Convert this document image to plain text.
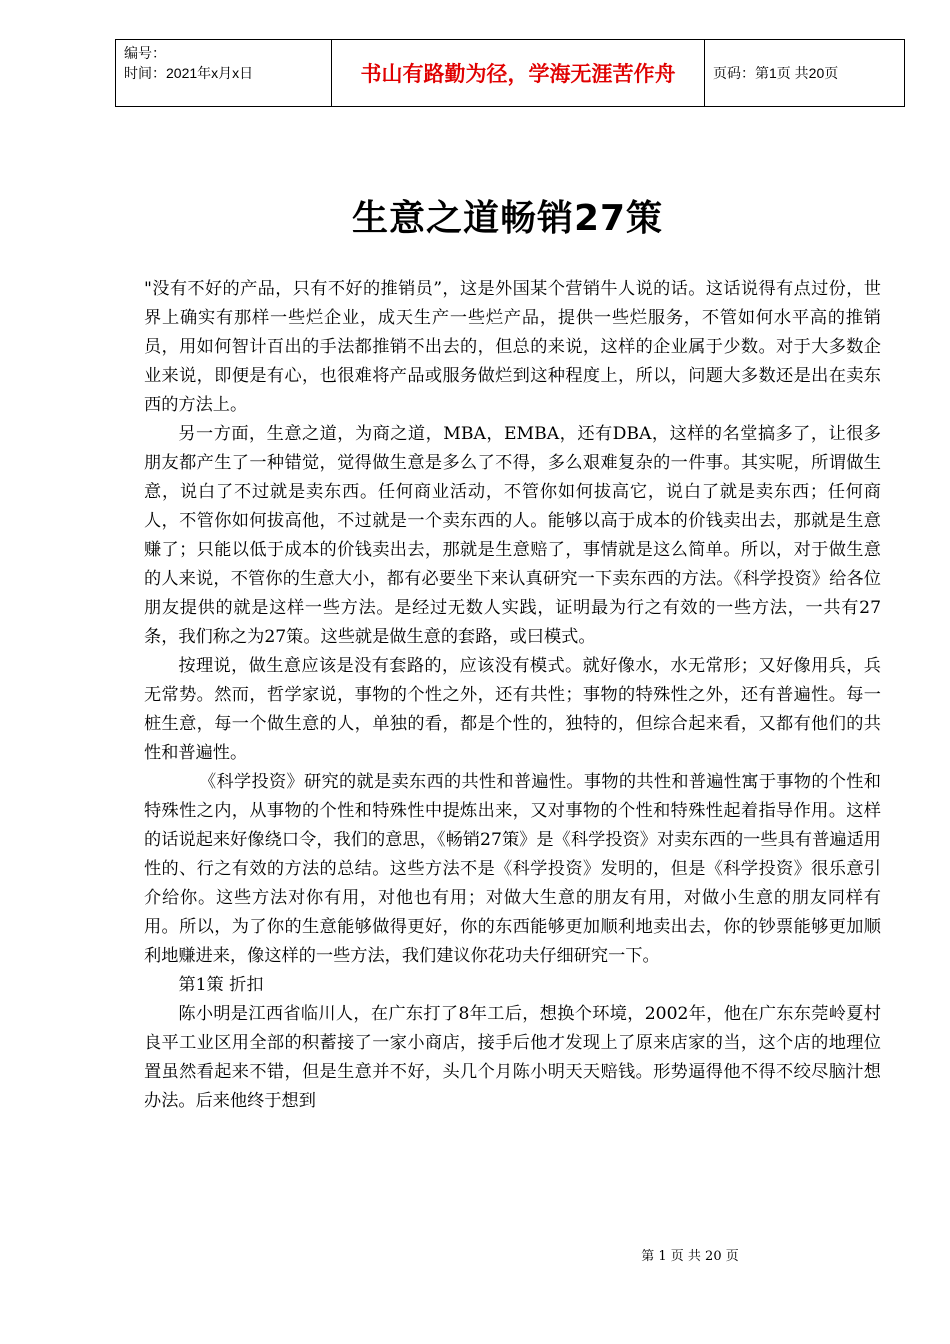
编号：
时间：2021年x月x日	书山有路勤为径，学海无涯苦作舟	页码：第1页 共20页
生意之道畅销27策

"没有不好的产品，只有不好的推销员”，这是外国某个营销牛人说的话。这话说得有点过份，世界上确实有那样一些烂企业，成天生产一些烂产品，提供一些烂服务，不管如何水平高的推销员，用如何智计百出的手法都推销不出去的，但总的来说，这样的企业属于少数。对于大多数企业来说，即便是有心，也很难将产品或服务做烂到这种程度上，所以，问题大多数还是出在卖东西的方法上。

另一方面，生意之道，为商之道，MBA，EMBA，还有DBA，这样的名堂搞多了，让很多朋友都产生了一种错觉，觉得做生意是多么了不得，多么艰难复杂的一件事。其实呢，所谓做生意，说白了不过就是卖东西。任何商业活动，不管你如何拔高它，说白了就是卖东西；任何商人，不管你如何拔高他，不过就是一个卖东西的人。能够以高于成本的价钱卖出去，那就是生意赚了；只能以低于成本的价钱卖出去，那就是生意赔了，事情就是这么简单。所以，对于做生意的人来说，不管你的生意大小，都有必要坐下来认真研究一下卖东西的方法。《科学投资》给各位朋友提供的就是这样一些方法。是经过无数人实践，证明最为行之有效的一些方法，一共有27条，我们称之为27策。这些就是做生意的套路，或曰模式。

按理说，做生意应该是没有套路的，应该没有模式。就好像水，水无常形；又好像用兵，兵无常势。然而，哲学家说，事物的个性之外，还有共性；事物的特殊性之外，还有普遍性。每一桩生意，每一个做生意的人，单独的看，都是个性的，独特的，但综合起来看，又都有他们的共性和普遍性。

《科学投资》研究的就是卖东西的共性和普遍性。事物的共性和普遍性寓于事物的个性和特殊性之内，从事物的个性和特殊性中提炼出来，又对事物的个性和特殊性起着指导作用。这样的话说起来好像绕口令，我们的意思，《畅销27策》是《科学投资》对卖东西的一些具有普遍适用性的、行之有效的方法的总结。这些方法不是《科学投资》发明的，但是《科学投资》很乐意引介给你。这些方法对你有用，对他也有用；对做大生意的朋友有用，对做小生意的朋友同样有用。所以，为了你的生意能够做得更好，你的东西能够更加顺利地卖出去，你的钞票能够更加顺利地赚进来，像这样的一些方法，我们建议你花功夫仔细研究一下。

第1策 折扣

陈小明是江西省临川人，在广东打了8年工后，想换个环境，2002年，他在广东东莞岭夏村良平工业区用全部的积蓄接了一家小商店，接手后他才发现上了原来店家的当，这个店的地理位置虽然看起来不错，但是生意并不好，头几个月陈小明天天赔钱。形势逼得他不得不绞尽脑汁想办法。后来他终于想到

第 1 页 共 20 页
